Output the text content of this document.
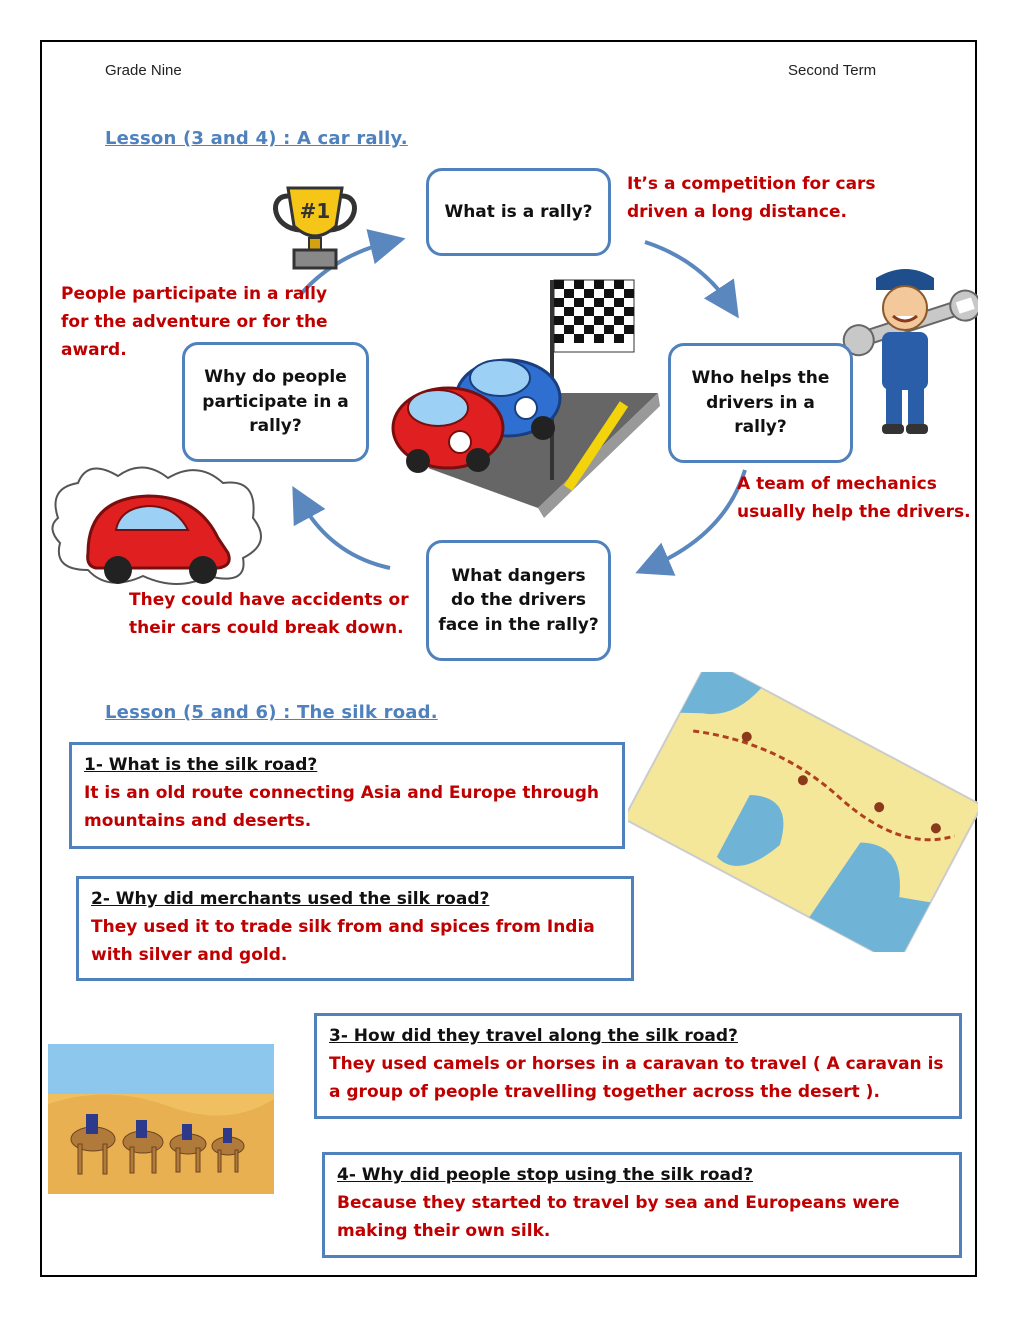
Grade Nine	Second Term
Lesson (3 and 4) : A car rally.
#1	What is a rally?
Who helps the drivers in a rally?
What dangers do the drivers face in the rally?
Why do people participate in a rally?
It’s a competition for cars driven a long distance.
A team of mechanics usually help the drivers.
They could have accidents or their cars could break down.
People participate in a rally for the adventure or for the award.
Lesson (5 and 6) : The silk road.
1- What is the silk road?
It is an old route connecting Asia and Europe through mountains and deserts.
2- Why did merchants used the silk road?
They used it to trade silk from and spices from India with silver and gold.
3- How did they travel along the silk road?
They used camels or horses in a caravan to travel ( A caravan is a group of people travelling together across the desert ).
4- Why did people stop using the silk road?
Because they started to travel by sea and Europeans were making their own silk.
